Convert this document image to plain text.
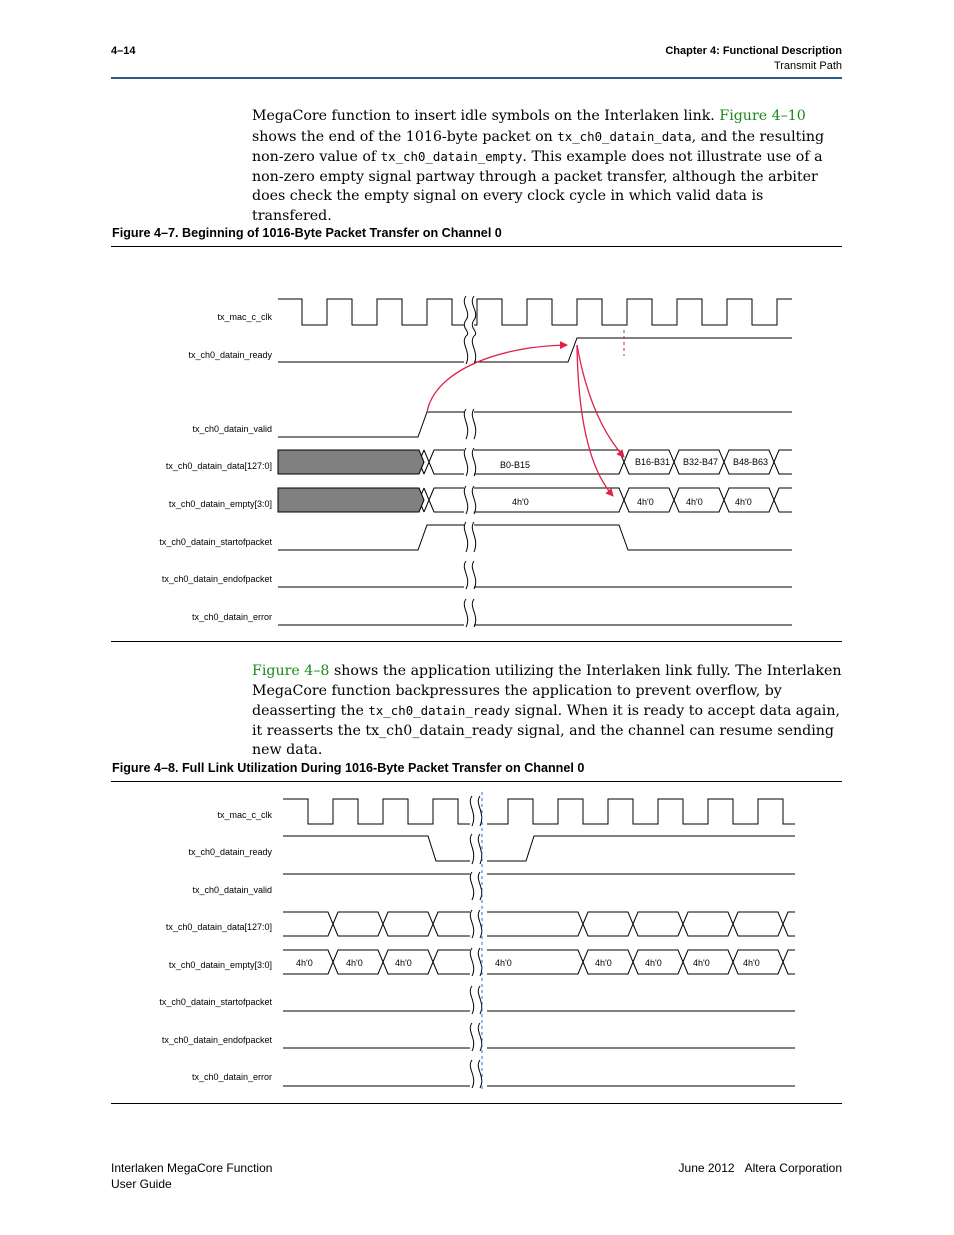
4–14	Chapter 4: Functional Description
Transmit Path
MegaCore function to insert idle symbols on the Interlaken link. Figure 4–10 shows the end of the 1016-byte packet on tx_ch0_datain_data, and the resulting non-zero value of tx_ch0_datain_empty. This example does not illustrate use of a non-zero empty signal partway through a packet transfer, although the arbiter does check the empty signal on every clock cycle in which valid data is transfered.
Figure 4–7. Beginning of 1016-Byte Packet Transfer on Channel 0
tx_mac_c_clk
tx_ch0_datain_ready
tx_ch0_datain_valid
tx_ch0_datain_data[127:0]
tx_ch0_datain_empty[3:0]
tx_ch0_datain_startofpacket
tx_ch0_datain_endofpacket
tx_ch0_datain_error
B0-B15	B16-B31 B32-B47 B48-B63
4h'0	4h'0	4h'0	4h'0
Figure 4–8 shows the application utilizing the Interlaken link fully. The Interlaken MegaCore function backpressures the application to prevent overflow, by deasserting the tx_ch0_datain_ready signal. When it is ready to accept data again, it reasserts the tx_ch0_datain_ready signal, and the channel can resume sending new data.
Figure 4–8. Full Link Utilization During 1016-Byte Packet Transfer on Channel 0
tx_mac_c_clk
tx_ch0_datain_ready
tx_ch0_datain_valid
tx_ch0_datain_data[127:0]
tx_ch0_datain_empty[3:0]
tx_ch0_datain_startofpacket
tx_ch0_datain_endofpacket
tx_ch0_datain_error
4h'0	4h'0	4h'0	4h'0	4h'0	4h'0	4h'0	4h'0
Interlaken MegaCore Function
User Guide
June 2012 Altera Corporation
